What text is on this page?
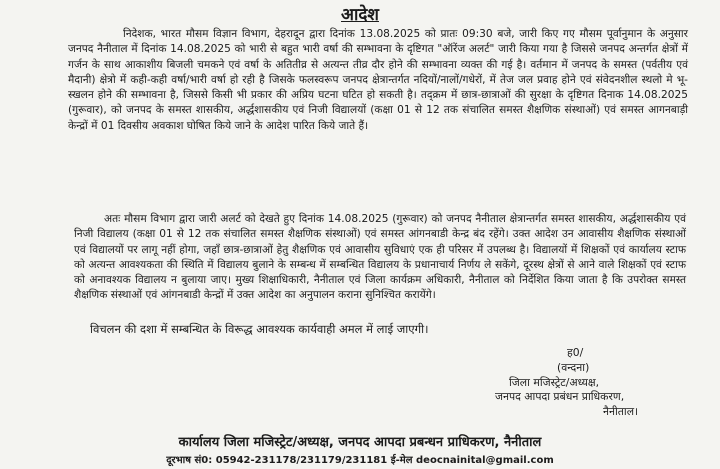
आदेश
निदेशक, भारत मौसम विज्ञान विभाग, देहरादून द्वारा दिनांक 13.08.2025 को प्रातः 09:30 बजे, जारी किए गए मौसम पूर्वानुमान के अनुसार जनपद नैनीताल में दिनांक 14.08.2025 को भारी से बहुत भारी वर्षा की सम्भावना के दृष्टिगत "ऑरेंज अलर्ट" जारी किया गया है जिससे जनपद अन्तर्गत क्षेत्रों में गर्जन के साथ आकाशीय बिजली चमकने एवं वर्षा के अतितीव्र से अत्यन्त तीव्र दौर होने की सम्भावना व्यक्त की गई है। वर्तमान में जनपद के समस्त (पर्वतीय एवं मैदानी) क्षेत्रो में कही-कही वर्षा/भारी वर्षा हो रही है जिसके फलस्वरूप जनपद क्षेत्रान्तर्गत नदियों/नालों/गधेरों, में तेज जल प्रवाह होने एवं संवेदनशील स्थलो मे भू-स्खलन होने की सम्भावना है, जिससे किसी भी प्रकार की अप्रिय घटना घटित हो सकती है। तद्क्रम में छात्र-छात्राओं की सुरक्षा के दृष्टिगत दिनाक 14.08.2025 (गुरूवार), को जनपद के समस्त शासकीय, अर्द्धशासकीय एवं निजी विद्यालयों (कक्षा 01 से 12 तक संचालित समस्त शैक्षणिक संस्थाओं) एवं समस्त आगनबाड़ी केन्द्रों में 01 दिवसीय अवकाश घोषित किये जाने के आदेश पारित किये जाते हैं।
अतः मौसम विभाग द्वारा जारी अलर्ट को देखते हुए दिनांक 14.08.2025 (गुरूवार) को जनपद नैनीताल क्षेत्रान्तर्गत समस्त शासकीय, अर्द्धशासकीय एवं निजी विद्यालय (कक्षा 01 से 12 तक संचालित समस्त शैक्षणिक संस्थाओं) एवं समस्त आंगनबाडी केन्द्र बंद रहेंगे। उक्त आदेश उन आवासीय शैक्षणिक संस्थाओं एवं विद्यालयों पर लागू नहीं होगा, जहाँ छात्र-छात्राओं हेतु शैक्षणिक एवं आवासीय सुविधाएं एक ही परिसर में उपलब्ध है। विद्यालयों में शिक्षकों एवं कार्यालय स्टाफ को अत्यन्त आवश्यकता की स्थिति में विद्यालय बुलाने के सम्बन्ध में सम्बन्धित विद्यालय के प्रधानाचार्य निर्णय ले सकेंगे, दूरस्थ क्षेत्रों से आने वाले शिक्षकों एवं स्टाफ को अनावश्यक विद्यालय न बुलाया जाए। मुख्य शिक्षाधिकारी, नैनीताल एवं जिला कार्यक्रम अधिकारी, नैनीताल को निर्देशित किया जाता है कि उपरोक्त समस्त शैक्षणिक संस्थाओं एवं आंगनबाडी केन्द्रों में उक्त आदेश का अनुपालन कराना सुनिश्चित करायेंगे।
विचलन की दशा में सम्बन्धित के विरूद्ध आवश्यक कार्यवाही अमल में लाई जाएगी।
ह0/
(वन्दना)
जिला मजिस्ट्रेट/अध्यक्ष,
जनपद आपदा प्रबंधन प्राधिकरण,
नैनीताल।
कार्यालय जिला मजिस्ट्रेट/अध्यक्ष, जनपद आपदा प्रबन्धन प्राधिकरण, नैनीताल
दूरभाष सं0: 05942-231178/231179/231181 ई-मेल deocnainital@gmail.com
